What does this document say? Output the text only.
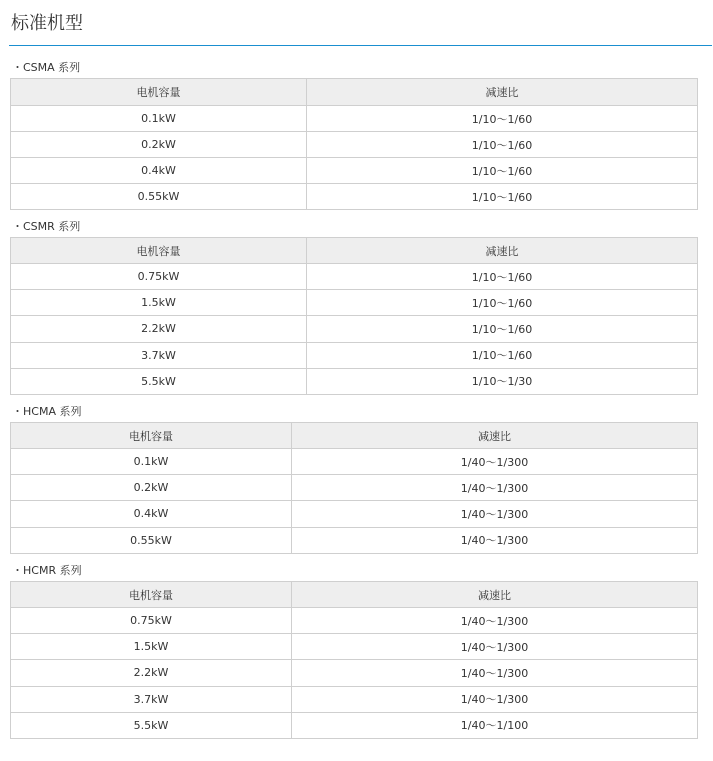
标准机型
・CSMA 系列
电机容量	减速比
0.1kW	1/10～1/60
0.2kW	1/10～1/60
0.4kW	1/10～1/60
0.55kW	1/10～1/60
・CSMR 系列
电机容量	减速比
0.75kW	1/10～1/60
1.5kW	1/10～1/60
2.2kW	1/10～1/60
3.7kW	1/10～1/60
5.5kW	1/10～1/30
・HCMA 系列
电机容量	减速比
0.1kW	1/40～1/300
0.2kW	1/40～1/300
0.4kW	1/40～1/300
0.55kW	1/40～1/300
・HCMR 系列
电机容量	减速比
0.75kW	1/40～1/300
1.5kW	1/40～1/300
2.2kW	1/40～1/300
3.7kW	1/40～1/300
5.5kW	1/40～1/100
